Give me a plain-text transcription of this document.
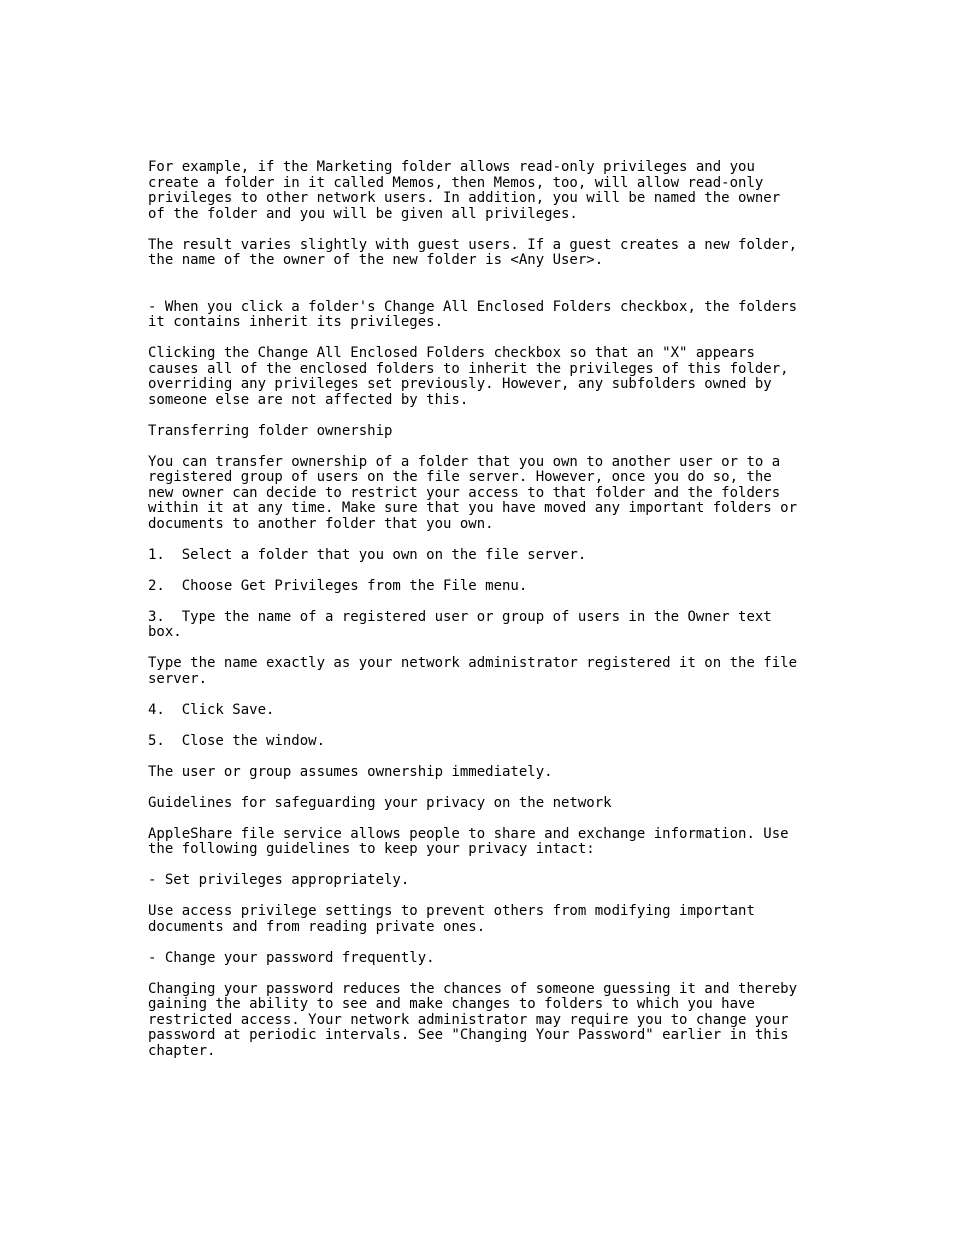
For example, if the Marketing folder allows read-only privileges and you
create a folder in it called Memos, then Memos, too, will allow read-only
privileges to other network users. In addition, you will be named the owner
of the folder and you will be given all privileges.
The result varies slightly with guest users. If a guest creates a new folder,
the name of the owner of the new folder is <Any User>.
- When you click a folder's Change All Enclosed Folders checkbox, the folders
it contains inherit its privileges.
Clicking the Change All Enclosed Folders checkbox so that an "X" appears
causes all of the enclosed folders to inherit the privileges of this folder,
overriding any privileges set previously. However, any subfolders owned by
someone else are not affected by this.
Transferring folder ownership
You can transfer ownership of a folder that you own to another user or to a
registered group of users on the file server. However, once you do so, the
new owner can decide to restrict your access to that folder and the folders
within it at any time. Make sure that you have moved any important folders or
documents to another folder that you own.
1.  Select a folder that you own on the file server.
2.  Choose Get Privileges from the File menu.
3.  Type the name of a registered user or group of users in the Owner text
box.
Type the name exactly as your network administrator registered it on the file
server.
4.  Click Save.
5.  Close the window.
The user or group assumes ownership immediately.
Guidelines for safeguarding your privacy on the network
AppleShare file service allows people to share and exchange information. Use
the following guidelines to keep your privacy intact:
- Set privileges appropriately.
Use access privilege settings to prevent others from modifying important
documents and from reading private ones.
- Change your password frequently.
Changing your password reduces the chances of someone guessing it and thereby
gaining the ability to see and make changes to folders to which you have
restricted access. Your network administrator may require you to change your
password at periodic intervals. See "Changing Your Password" earlier in this
chapter.
